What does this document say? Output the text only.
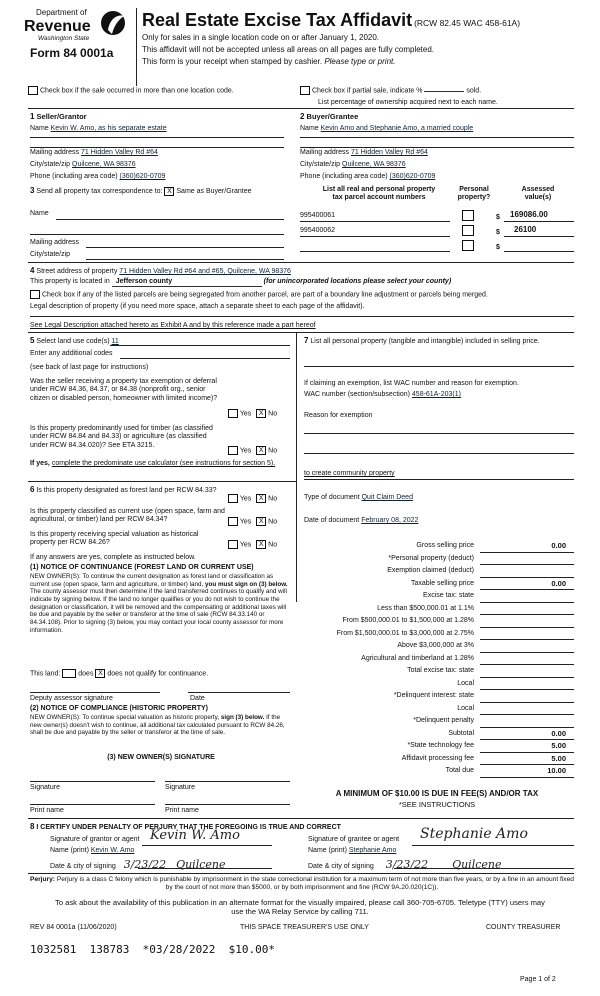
Department of
Revenue
Washington State
Form 84 0001a
Real Estate Excise Tax Affidavit (RCW 82.45 WAC 458-61A)
Only for sales in a single location code on or after January 1, 2020.
This affidavit will not be accepted unless all areas on all pages are fully completed.
This form is your receipt when stamped by cashier. Please type or print.
Check box if the sale occurred in more than one location code.	Check box if partial sale, indicate %	sold.
List percentage of ownership acquired next to each name.
1 Seller/Grantor
Name Kevin W. Amo, as his separate estate
Mailing address 71 Hidden Valley Rd #64
City/state/zip Quilcene, WA 98376
Phone (including area code) (360)620-0709
2 Buyer/Grantee
Name Kevin Amo and Stephanie Amo, a married couple
Mailing address 71 Hidden Valley Rd #64
City/state/zip Quilcene, WA 98376
Phone (including area code) (360)620-0709
3 Send all property tax correspondence to: X Same as Buyer/Grantee
Name
Mailing address
City/state/zip
List all real and personal property
tax parcel account numbers
Personal
property?
Assessed
value(s)
995400061	$ 169086.00
995400062	$ 26100
$
4 Street address of property 71 Hidden Valley Rd #64 and #65, Quilcene, WA 98376
This property is located in Jefferson county	(for unincorporated locations please select your county)
Check box if any of the listed parcels are being segregated from another parcel, are part of a boundary line adjustment or parcels being merged.
Legal description of property (if you need more space, attach a separate sheet to each page of the affidavit).
See Legal Description attached hereto as Exhibit A and by this reference made a part hereof
5 Select land use code(s) 11
Enter any additional codes
(see back of last page for instructions)
Was the seller receiving a property tax exemption or deferral under RCW 84.36, 84.37, or 84.38 (nonprofit org., senior citizen or disabled person, homeowner with limited income)?
Yes X No
Is this property predominantly used for timber (as classified under RCW 84.84 and 84.33) or agriculture (as classified under RCW 84.34.020)? See ETA 3215.
Yes X No
If yes, complete the predominate use calculator (see instructions for section 5).
6 Is this property designated as forest land per RCW 84.33?
Yes X No
Is this property classified as current use (open space, farm and agricultural, or timber) land per RCW 84.34?	Yes X No
Is this property receiving special valuation as historical property per RCW 84.26?	Yes X No
If any answers are yes, complete as instructed below.
(1) NOTICE OF CONTINUANCE (FOREST LAND OR CURRENT USE)
NEW OWNER(S): To continue the current designation as forest land or classification as current use (open space, farm and agriculture, or timber) land, you must sign on (3) below. The county assessor must then determine if the land transferred continues to qualify and will indicate by signing below. If the land no longer qualifies or you do not wish to continue the designation or classification, it will be removed and the compensating or additional taxes will be due and payable by the seller or transferor at the time of sale (RCW 84.33.140 or 84.34.108). Prior to signing (3) below, you may contact your local county assessor for more information.
This land:	does X does not qualify for continuance.
Deputy assessor signature	Date
(2) NOTICE OF COMPLIANCE (HISTORIC PROPERTY)
NEW OWNER(S): To continue special valuation as historic property, sign (3) below. If the new owner(s) doesn't wish to continue, all additional tax calculated pursuant to RCW 84.26, shall be due and payable by the seller or transferor at the time of sale.
(3) NEW OWNER(S) SIGNATURE
Signature	Signature
Print name	Print name
7 List all personal property (tangible and intangible) included in selling price.
If claiming an exemption, list WAC number and reason for exemption.
WAC number (section/subsection) 458-61A-203(1)
Reason for exemption
to create community property
Type of document Quit Claim Deed
Date of document February 08, 2022
Gross selling price	0.00
*Personal property (deduct)
Exemption claimed (deduct)
Taxable selling price	0.00
Excise tax: state
Less than $500,000.01 at 1.1%
From $500,000.01 to $1,500,000 at 1.28%
From $1,500,000.01 to $3,000,000 at 2.75%
Above $3,000,000 at 3%
Agricultural and timberland at 1.28%
Total excise tax: state
Local
*Delinquent interest: state
Local
*Delinquent penalty
Subtotal	0.00
*State technology fee	5.00
Affidavit processing fee	5.00
Total due	10.00
A MINIMUM OF $10.00 IS DUE IN FEE(S) AND/OR TAX
*SEE INSTRUCTIONS
8 I CERTIFY UNDER PENALTY OF PERJURY THAT THE FOREGOING IS TRUE AND CORRECT
Signature of grantor or agent Kevin W. Amo
Name (print) Kevin W. Amo
Date & city of signing 3/23/22 Quilcene
Signature of grantee or agent Stephanie Amo
Name (print) Stephanie Amo
Date & city of signing 3/23/22 Quilcene
Perjury: Perjury is a class C felony which is punishable by imprisonment in the state correctional institution for a maximum term of not more than five years, or by a fine in an amount fixed by the court of not more than $5000, or by both imprisonment and fine (RCW 9A.20.020(1C)).
To ask about the availability of this publication in an alternate format for the visually impaired, please call 360-705-6705. Teletype (TTY) users may use the WA Relay Service by calling 711.
REV 84 0001a (11/06/2020)	THIS SPACE TREASURER'S USE ONLY	COUNTY TREASURER
1032581  138783  *03/28/2022  $10.00*
Page 1 of 2
